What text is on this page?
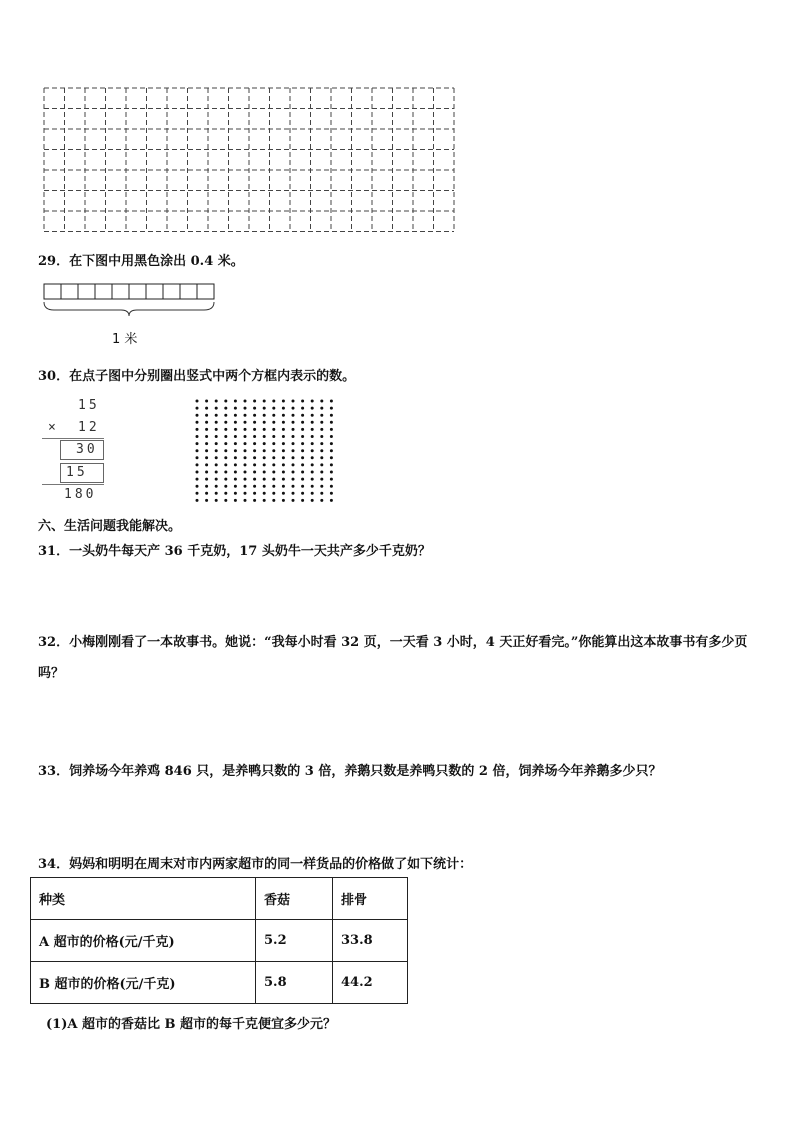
29．在下图中用黑色涂出 0.4 米。
1 米
30．在点子图中分别圈出竖式中两个方框内表示的数。
15
× 12
30
15
180
六、生活问题我能解决。
31．一头奶牛每天产 36 千克奶，17 头奶牛一天共产多少千克奶？
32．小梅刚刚看了一本故事书。她说：“我每小时看 32 页，一天看 3 小时，4 天正好看完。”你能算出这本故事书有多少页吗？
33．饲养场今年养鸡 846 只，是养鸭只数的 3 倍，养鹅只数是养鸭只数的 2 倍，饲养场今年养鹅多少只？
34．妈妈和明明在周末对市内两家超市的同一样货品的价格做了如下统计：
种类	香菇	排骨
A 超市的价格(元/千克)	5.2	33.8
B 超市的价格(元/千克)	5.8	44.2
(1)A 超市的香菇比 B 超市的每千克便宜多少元？
